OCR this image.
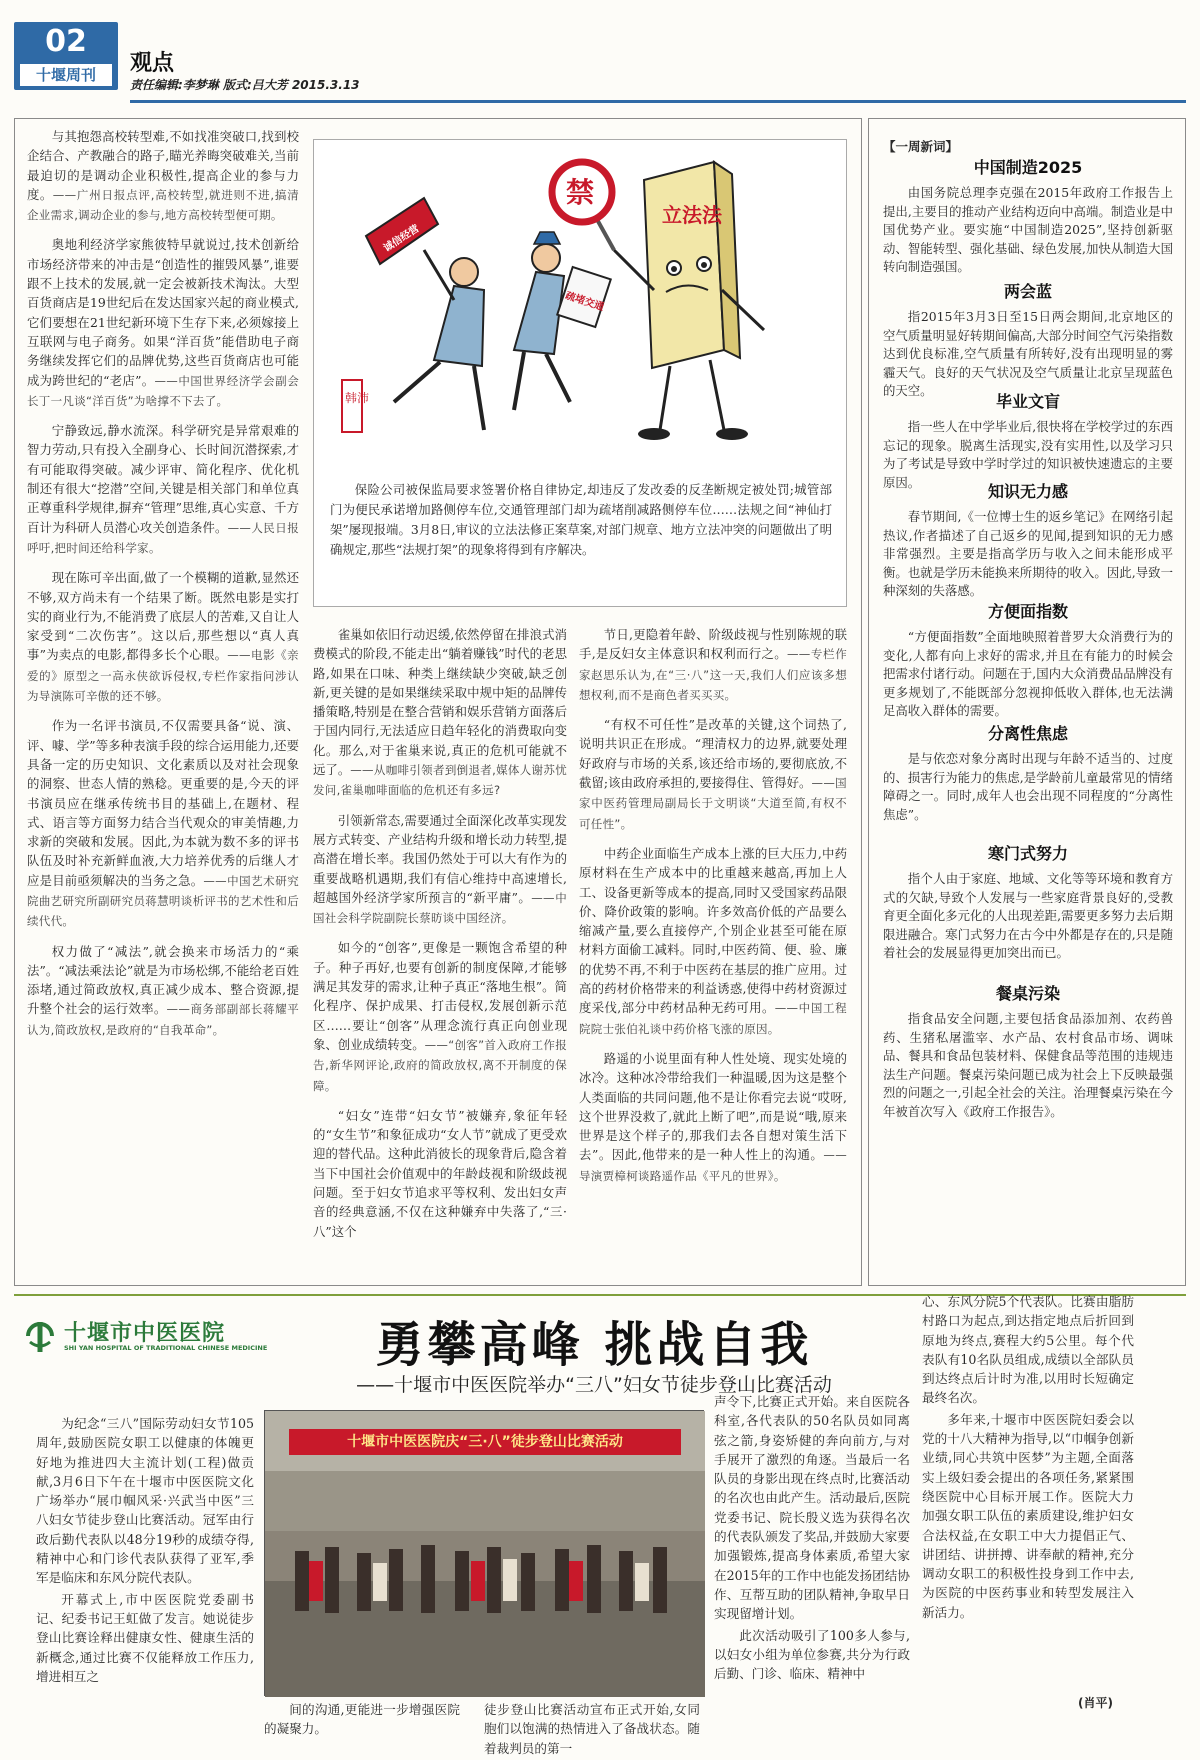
02
十堰周刊	观点
责任编辑:李梦琳 版式:吕大芳 2015.3.13

与其抱怨高校转型难,不如找准突破口,找到校企结合、产教融合的路子,瞄光养晦突破难关,当前最迫切的是调动企业积极性,提高企业的参与力度。——广州日报点评,高校转型,就进则不进,搞清企业需求,调动企业的参与,地方高校转型便可期。

奥地利经济学家熊彼特早就说过,技术创新给市场经济带来的冲击是“创造性的摧毁风暴”,谁要跟不上技术的发展,就一定会被新技术淘汰。大型百货商店是19世纪后在发达国家兴起的商业模式,它们要想在21世纪新环境下生存下来,必须嫁接上互联网与电子商务。如果“洋百货”能借助电子商务继续发挥它们的品牌优势,这些百货商店也可能成为跨世纪的“老店”。——中国世界经济学会副会长丁一凡谈“洋百货”为啥撑不下去了。

宁静致远,静水流深。科学研究是异常艰难的智力劳动,只有投入全副身心、长时间沉潜探索,才有可能取得突破。减少评审、简化程序、优化机制还有很大“挖潜”空间,关键是相关部门和单位真正尊重科学规律,摒弃“管理”思维,真心实意、千方百计为科研人员潜心攻关创造条件。——人民日报呼吁,把时间还给科学家。

现在陈可辛出面,做了一个模糊的道歉,显然还不够,双方尚未有一个结果了断。既然电影是实打实的商业行为,不能消费了底层人的苦难,又自让人家受到“二次伤害”。这以后,那些想以“真人真事”为卖点的电影,都得多长个心眼。——电影《亲爱的》原型之一高永侠欲诉侵权,专栏作家指问涉认为导演陈可辛傲的还不够。

作为一名评书演员,不仅需要具备“说、演、评、噱、学”等多种表演手段的综合运用能力,还要具备一定的历史知识、文化素质以及对社会现象的洞察、世态人情的熟稔。更重要的是,今天的评书演员应在继承传统书目的基础上,在题材、程式、语言等方面努力结合当代观众的审美情趣,力求新的突破和发展。因此,为本就为数不多的评书队伍及时补充新鲜血液,大力培养优秀的后继人才应是目前亟须解决的当务之急。——中国艺术研究院曲艺研究所副研究员蒋慧明谈析评书的艺术性和后续代代。

权力做了“减法”,就会换来市场活力的“乘法”。“减法乘法论”就是为市场松绑,不能给老百姓添堵,通过简政放权,真正减少成本、整合资源,提升整个社会的运行效率。——商务部副部长蒋耀平认为,简政放权,是政府的“自我革命”。

立法法
禁
疏堵交通
诚信经营
韩沛
保险公司被保监局要求签署价格自律协定,却违反了发改委的反垄断规定被处罚;城管部门为便民承诺增加路侧停车位,交通管理部门却为疏堵削减路侧停车位……法规之间“神仙打架”屡现报端。3月8日,审议的立法法修正案草案,对部门规章、地方立法冲突的问题做出了明确规定,那些“法规打架”的现象将得到有序解决。

雀巢如依旧行动迟缓,依然停留在排浪式消费模式的阶段,不能走出“躺着赚钱”时代的老思路,如果在口味、种类上继续缺少突破,缺乏创新,更关键的是如果继续采取中规中矩的品牌传播策略,特别是在整合营销和娱乐营销方面落后于国内同行,无法适应日趋年轻化的消费取向变化。那么,对于雀巢来说,真正的危机可能就不远了。——从咖啡引领者到倒退者,媒体人谢苏忧发问,雀巢咖啡面临的危机还有多远?

引领新常态,需要通过全面深化改革实现发展方式转变、产业结构升级和增长动力转型,提高潜在增长率。我国仍然处于可以大有作为的重要战略机遇期,我们有信心维持中高速增长,超越国外经济学家所预言的“新平庸”。——中国社会科学院副院长蔡昉谈中国经济。

如今的“创客”,更像是一颗饱含希望的种子。种子再好,也要有创新的制度保障,才能够满足其发芽的需求,让种子真正“落地生根”。简化程序、保护成果、打击侵权,发展创新示范区……要让“创客”从理念流行真正向创业现象、创业成绩转变。——“创客”首入政府工作报告,新华网评论,政府的简政放权,离不开制度的保障。

“妇女”连带“妇女节”被嫌弃,象征年轻的“女生节”和象征成功“女人节”就成了更受欢迎的替代品。这种此消彼长的现象背后,隐含着当下中国社会价值观中的年龄歧视和阶级歧视问题。至于妇女节追求平等权利、发出妇女声音的经典意涵,不仅在这种嫌弃中失落了,“三·八”这个

节日,更隐着年龄、阶级歧视与性别陈规的联手,是反妇女主体意识和权利而行之。——专栏作家赵思乐认为,在“三·八”这一天,我们人们应该多想想权利,而不是商色者买买买。

“有权不可任性”是改革的关键,这个词热了,说明共识正在形成。“理清权力的边界,就要处理好政府与市场的关系,该还给市场的,要彻底放,不截留;该由政府承担的,要接得住、管得好。——国家中医药管理局副局长于文明谈“大道至简,有权不可任性”。

中药企业面临生产成本上涨的巨大压力,中药原材料在生产成本中的比重越来越高,再加上人工、设备更新等成本的提高,同时又受国家药品限价、降价政策的影响。许多效高价低的产品要么缩减产量,要么直接停产,个别企业甚至可能在原材料方面偷工减料。同时,中医药简、便、验、廉的优势不再,不利于中医药在基层的推广应用。过高的药材价格带来的利益诱惑,使得中药材资源过度采伐,部分中药材品种无药可用。——中国工程院院士张伯礼谈中药价格飞涨的原因。

路遥的小说里面有种人性处境、现实处境的冰冷。这种冰冷带给我们一种温暖,因为这是整个人类面临的共同问题,他不是让你看完去说“哎呀,这个世界没救了,就此上断了吧”,而是说“哦,原来世界是这个样子的,那我们去各自想对策生活下去”。因此,他带来的是一种人性上的沟通。——导演贾樟柯谈路遥作品《平凡的世界》。

【一周新词】
中国制造2025

由国务院总理李克强在2015年政府工作报告上提出,主要目的推动产业结构迈向中高端。制造业是中国优势产业。要实施“中国制造2025”,坚持创新驱动、智能转型、强化基础、绿色发展,加快从制造大国转向制造强国。

两会蓝

指2015年3月3日至15日两会期间,北京地区的空气质量明显好转期间偏高,大部分时间空气污染指数达到优良标准,空气质量有所转好,没有出现明显的雾霾天气。良好的天气状况及空气质量让北京呈现蓝色的天空。

毕业文盲

指一些人在中学毕业后,很快将在学校学过的东西忘记的现象。脱离生活现实,没有实用性,以及学习只为了考试是导致中学时学过的知识被快速遗忘的主要原因。	知识无力感

春节期间,《一位博士生的返乡笔记》在网络引起热议,作者描述了自己返乡的见闻,提到知识的无力感非常强烈。主要是指高学历与收入之间未能形成平衡。也就是学历未能换来所期待的收入。因此,导致一种深刻的失落感。

方便面指数

“方便面指数”全面地映照着普罗大众消费行为的变化,人都有向上求好的需求,并且在有能力的时候会把需求付诸行动。问题在于,国内大众消费品品牌没有更多规划了,不能既部分忽视抑低收入群体,也无法满足高收入群体的需要。

分离性焦虑

是与依恋对象分离时出现与年龄不适当的、过度的、损害行为能力的焦虑,是学龄前儿童最常见的情绪障碍之一。同时,成年人也会出现不同程度的“分离性焦虑”。

寒门式努力

指个人由于家庭、地域、文化等等环境和教育方式的欠缺,导致个人发展与一些家庭背景良好的,受教育更全面化多元化的人出现差距,需要更多努力去后期限进融合。寒门式努力在古今中外都是存在的,只是随着社会的发展显得更加突出而已。

餐桌污染

指食品安全问题,主要包括食品添加剂、农药兽药、生猪私屠滥宰、水产品、农村食品市场、调味品、餐具和食品包装材料、保健食品等范围的违规违法生产问题。餐桌污染问题已成为社会上下反映最强烈的问题之一,引起全社会的关注。治理餐桌污染在今年被首次写入《政府工作报告》。

十堰市中医医院
SHI YAN HOSPITAL OF TRADITIONAL CHINESE MEDICINE	勇攀高峰 挑战自我
——十堰市中医医院举办“三八”妇女节徒步登山比赛活动

为纪念“三八”国际劳动妇女节105周年,鼓励医院女职工以健康的体魄更好地为推进四大主流计划(工程)做贡献,3月6日下午在十堰市中医医院文化广场举办“展巾帼风采·兴武当中医”三八妇女节徒步登山比赛活动。冠军由行政后勤代表队以48分19秒的成绩夺得,精神中心和门诊代表队获得了亚军,季军是临床和东风分院代表队。

开幕式上,市中医医院党委副书记、纪委书记王虹做了发言。她说徒步登山比赛诠释出健康女性、健康生活的新概念,通过比赛不仅能释放工作压力,增进相互之

十堰市中医医院庆“三·八”徒步登山比赛活动

间的沟通,更能进一步增强医院的凝聚力。

徒步登山比赛活动宣布正式开始,女同胞们以饱满的热情进入了备战状态。随着裁判员的第一

声令下,比赛正式开始。来自医院各科室,各代表队的50名队员如同离弦之箭,身姿矫健的奔向前方,与对手展开了激烈的角逐。当最后一名队员的身影出现在终点时,比赛活动的名次也由此产生。活动最后,医院党委书记、院长殷义选为获得名次的代表队颁发了奖品,并鼓励大家要加强锻炼,提高身体素质,希望大家在2015年的工作中也能发扬团结协作、互帮互助的团队精神,争取早日实现留增计划。

此次活动吸引了100多人参与,以妇女小组为单位参赛,共分为行政后勤、门诊、临床、精神中

心、东风分院5个代表队。比赛由脂肪村路口为起点,到达指定地点后折回到原地为终点,赛程大约5公里。每个代表队有10名队员组成,成绩以全部队员到达终点后计时为准,以用时长短确定最终名次。

多年来,十堰市中医医院妇委会以党的十八大精神为指导,以“巾帼争创新业绩,同心共筑中医梦”为主题,全面落实上级妇委会提出的各项任务,紧紧围绕医院中心目标开展工作。医院大力加强女职工队伍的素质建设,维护妇女合法权益,在女职工中大力提倡正气、讲团结、讲拼搏、讲奉献的精神,充分调动女职工的积极性投身到工作中去,为医院的中医药事业和转型发展注入新活力。

(肖平)
